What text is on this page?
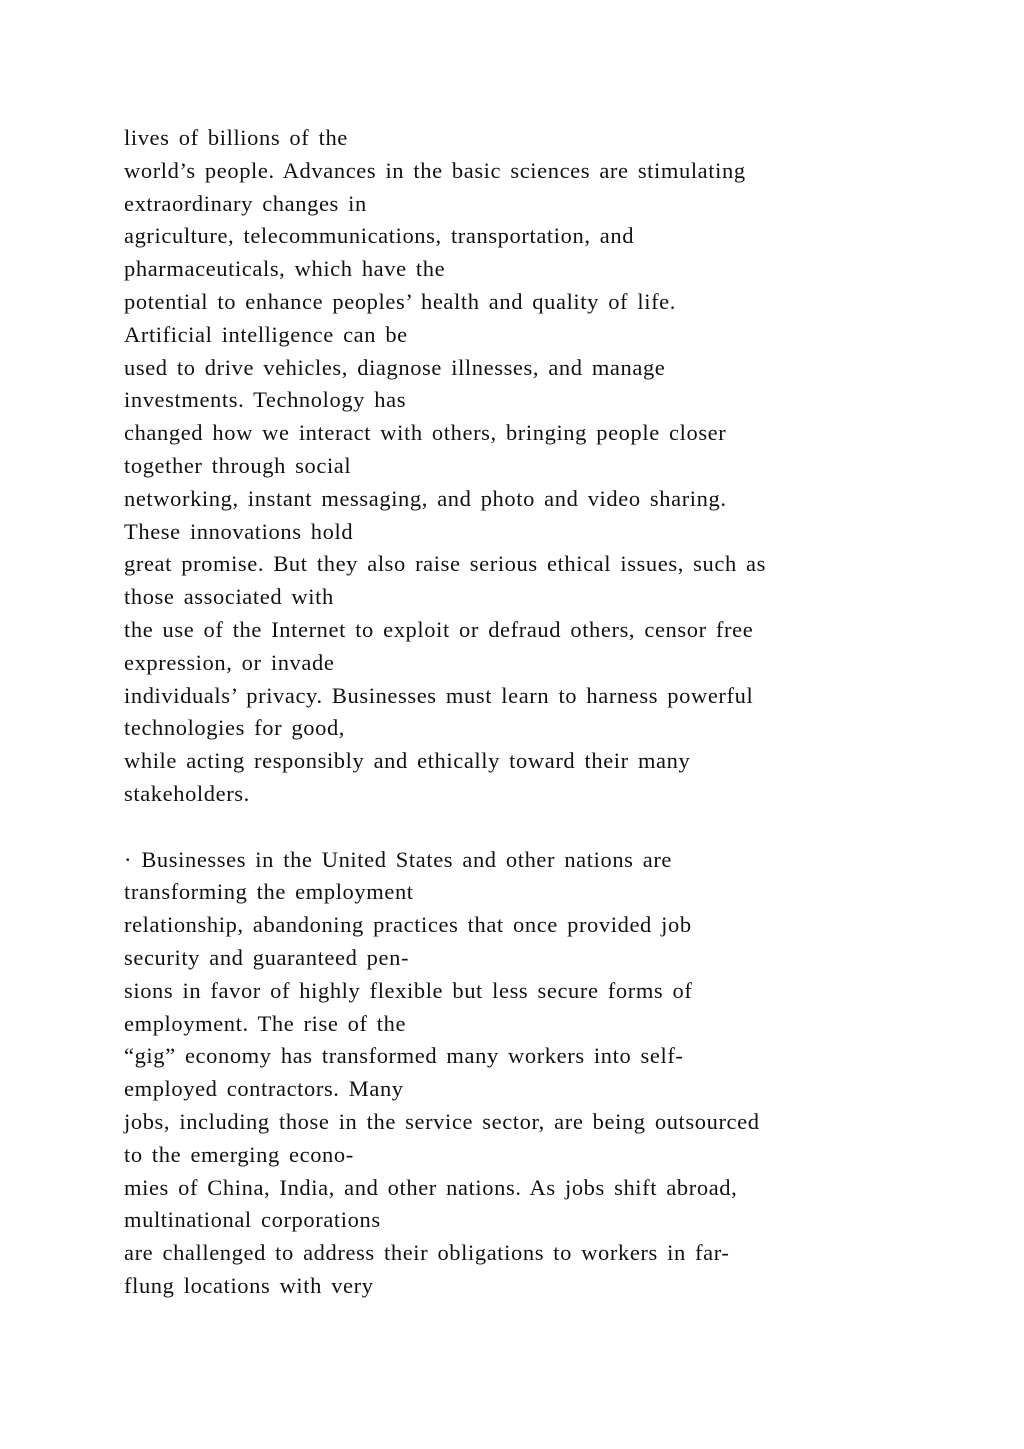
lives of billions of the
world’s people. Advances in the basic sciences are stimulating
extraordinary changes in
agriculture, telecommunications, transportation, and
pharmaceuticals, which have the
potential to enhance peoples’ health and quality of life.
Artificial intelligence can be
used to drive vehicles, diagnose illnesses, and manage
investments. Technology has
changed how we interact with others, bringing people closer
together through social
networking, instant messaging, and photo and video sharing.
These innovations hold
great promise. But they also raise serious ethical issues, such as
those associated with
the use of the Internet to exploit or defraud others, censor free
expression, or invade
individuals’ privacy. Businesses must learn to harness powerful
technologies for good,
while acting responsibly and ethically toward their many
stakeholders.
· Businesses in the United States and other nations are
transforming the employment
relationship, abandoning practices that once provided job
security and guaranteed pen-
sions in favor of highly flexible but less secure forms of
employment. The rise of the
“gig” economy has transformed many workers into self-
employed contractors. Many
jobs, including those in the service sector, are being outsourced
to the emerging econo-
mies of China, India, and other nations. As jobs shift abroad,
multinational corporations
are challenged to address their obligations to workers in far-
flung locations with very
